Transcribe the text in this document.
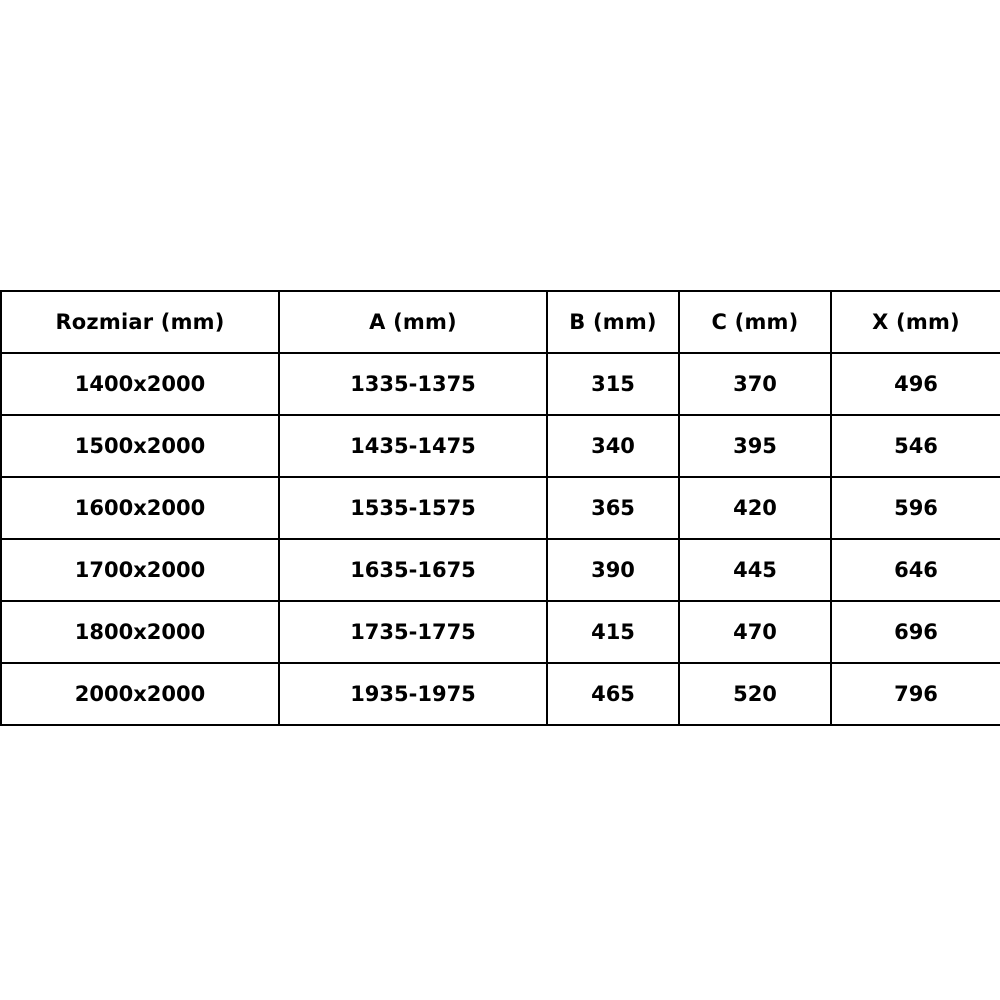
Rozmiar (mm)	A (mm)	B (mm)	C (mm)	X (mm)
1400x2000	1335-1375	315	370	496
1500x2000	1435-1475	340	395	546
1600x2000	1535-1575	365	420	596
1700x2000	1635-1675	390	445	646
1800x2000	1735-1775	415	470	696
2000x2000	1935-1975	465	520	796
